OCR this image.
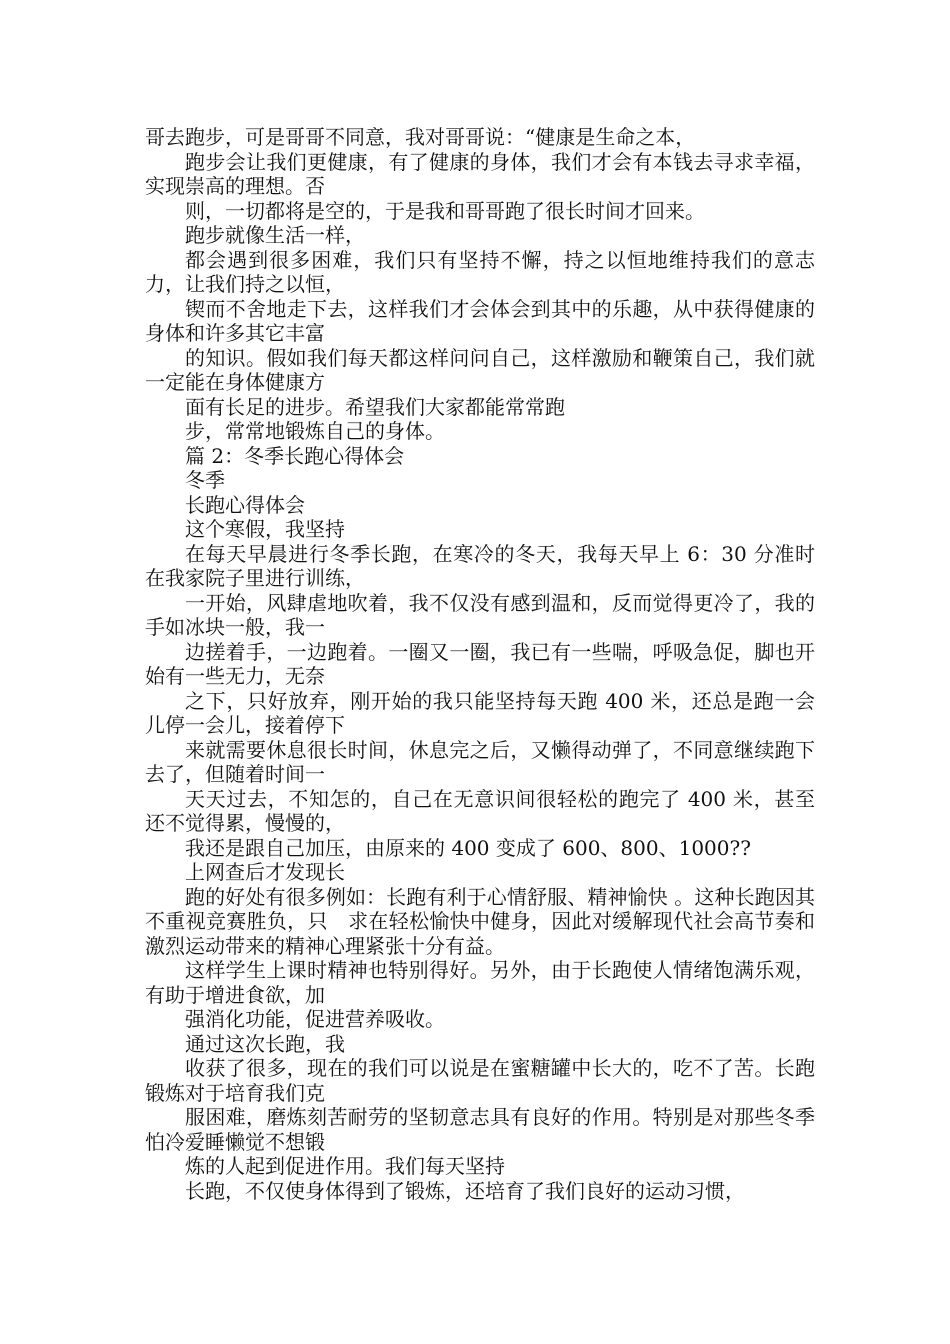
哥去跑步，可是哥哥不同意，我对哥哥说：“健康是生命之本，

跑步会让我们更健康，有了健康的身体，我们才会有本钱去寻求幸福，实现崇高的理想。否

则，一切都将是空的，于是我和哥哥跑了很长时间才回来。

跑步就像生活一样，

都会遇到很多困难，我们只有坚持不懈，持之以恒地维持我们的意志力，让我们持之以恒，

锲而不舍地走下去，这样我们才会体会到其中的乐趣，从中获得健康的身体和许多其它丰富

的知识。假如我们每天都这样问问自己，这样激励和鞭策自己，我们就一定能在身体健康方

面有长足的进步。希望我们大家都能常常跑

步，常常地锻炼自己的身体。

篇 2：冬季长跑心得体会

冬季

长跑心得体会

这个寒假，我坚持

在每天早晨进行冬季长跑，在寒冷的冬天，我每天早上 6：30 分准时在我家院子里进行训练，

一开始，风肆虐地吹着，我不仅没有感到温和，反而觉得更冷了，我的手如冰块一般，我一

边搓着手，一边跑着。一圈又一圈，我已有一些喘，呼吸急促，脚也开始有一些无力，无奈

之下，只好放弃，刚开始的我只能坚持每天跑 400 米，还总是跑一会儿停一会儿，接着停下

来就需要休息很长时间，休息完之后，又懒得动弹了，不同意继续跑下去了，但随着时间一

天天过去，不知怎的，自己在无意识间很轻松的跑完了 400 米，甚至还不觉得累，慢慢的，

我还是跟自己加压，由原来的 400 变成了 600、800、1000??

上网查后才发现长

跑的好处有很多例如：长跑有利于心情舒服、精神愉快 。这种长跑因其不重视竞赛胜负，只　求在轻松愉快中健身，因此对缓解现代社会高节奏和激烈运动带来的精神心理紧张十分有益。

这样学生上课时精神也特别得好。另外，由于长跑使人情绪饱满乐观，有助于增进食欲，加

强消化功能，促进营养吸收。

通过这次长跑，我

收获了很多，现在的我们可以说是在蜜糖罐中长大的，吃不了苦。长跑锻炼对于培育我们克

服困难，磨炼刻苦耐劳的坚韧意志具有良好的作用。特别是对那些冬季怕冷爱睡懒觉不想锻

炼的人起到促进作用。我们每天坚持

长跑，不仅使身体得到了锻炼，还培育了我们良好的运动习惯，
